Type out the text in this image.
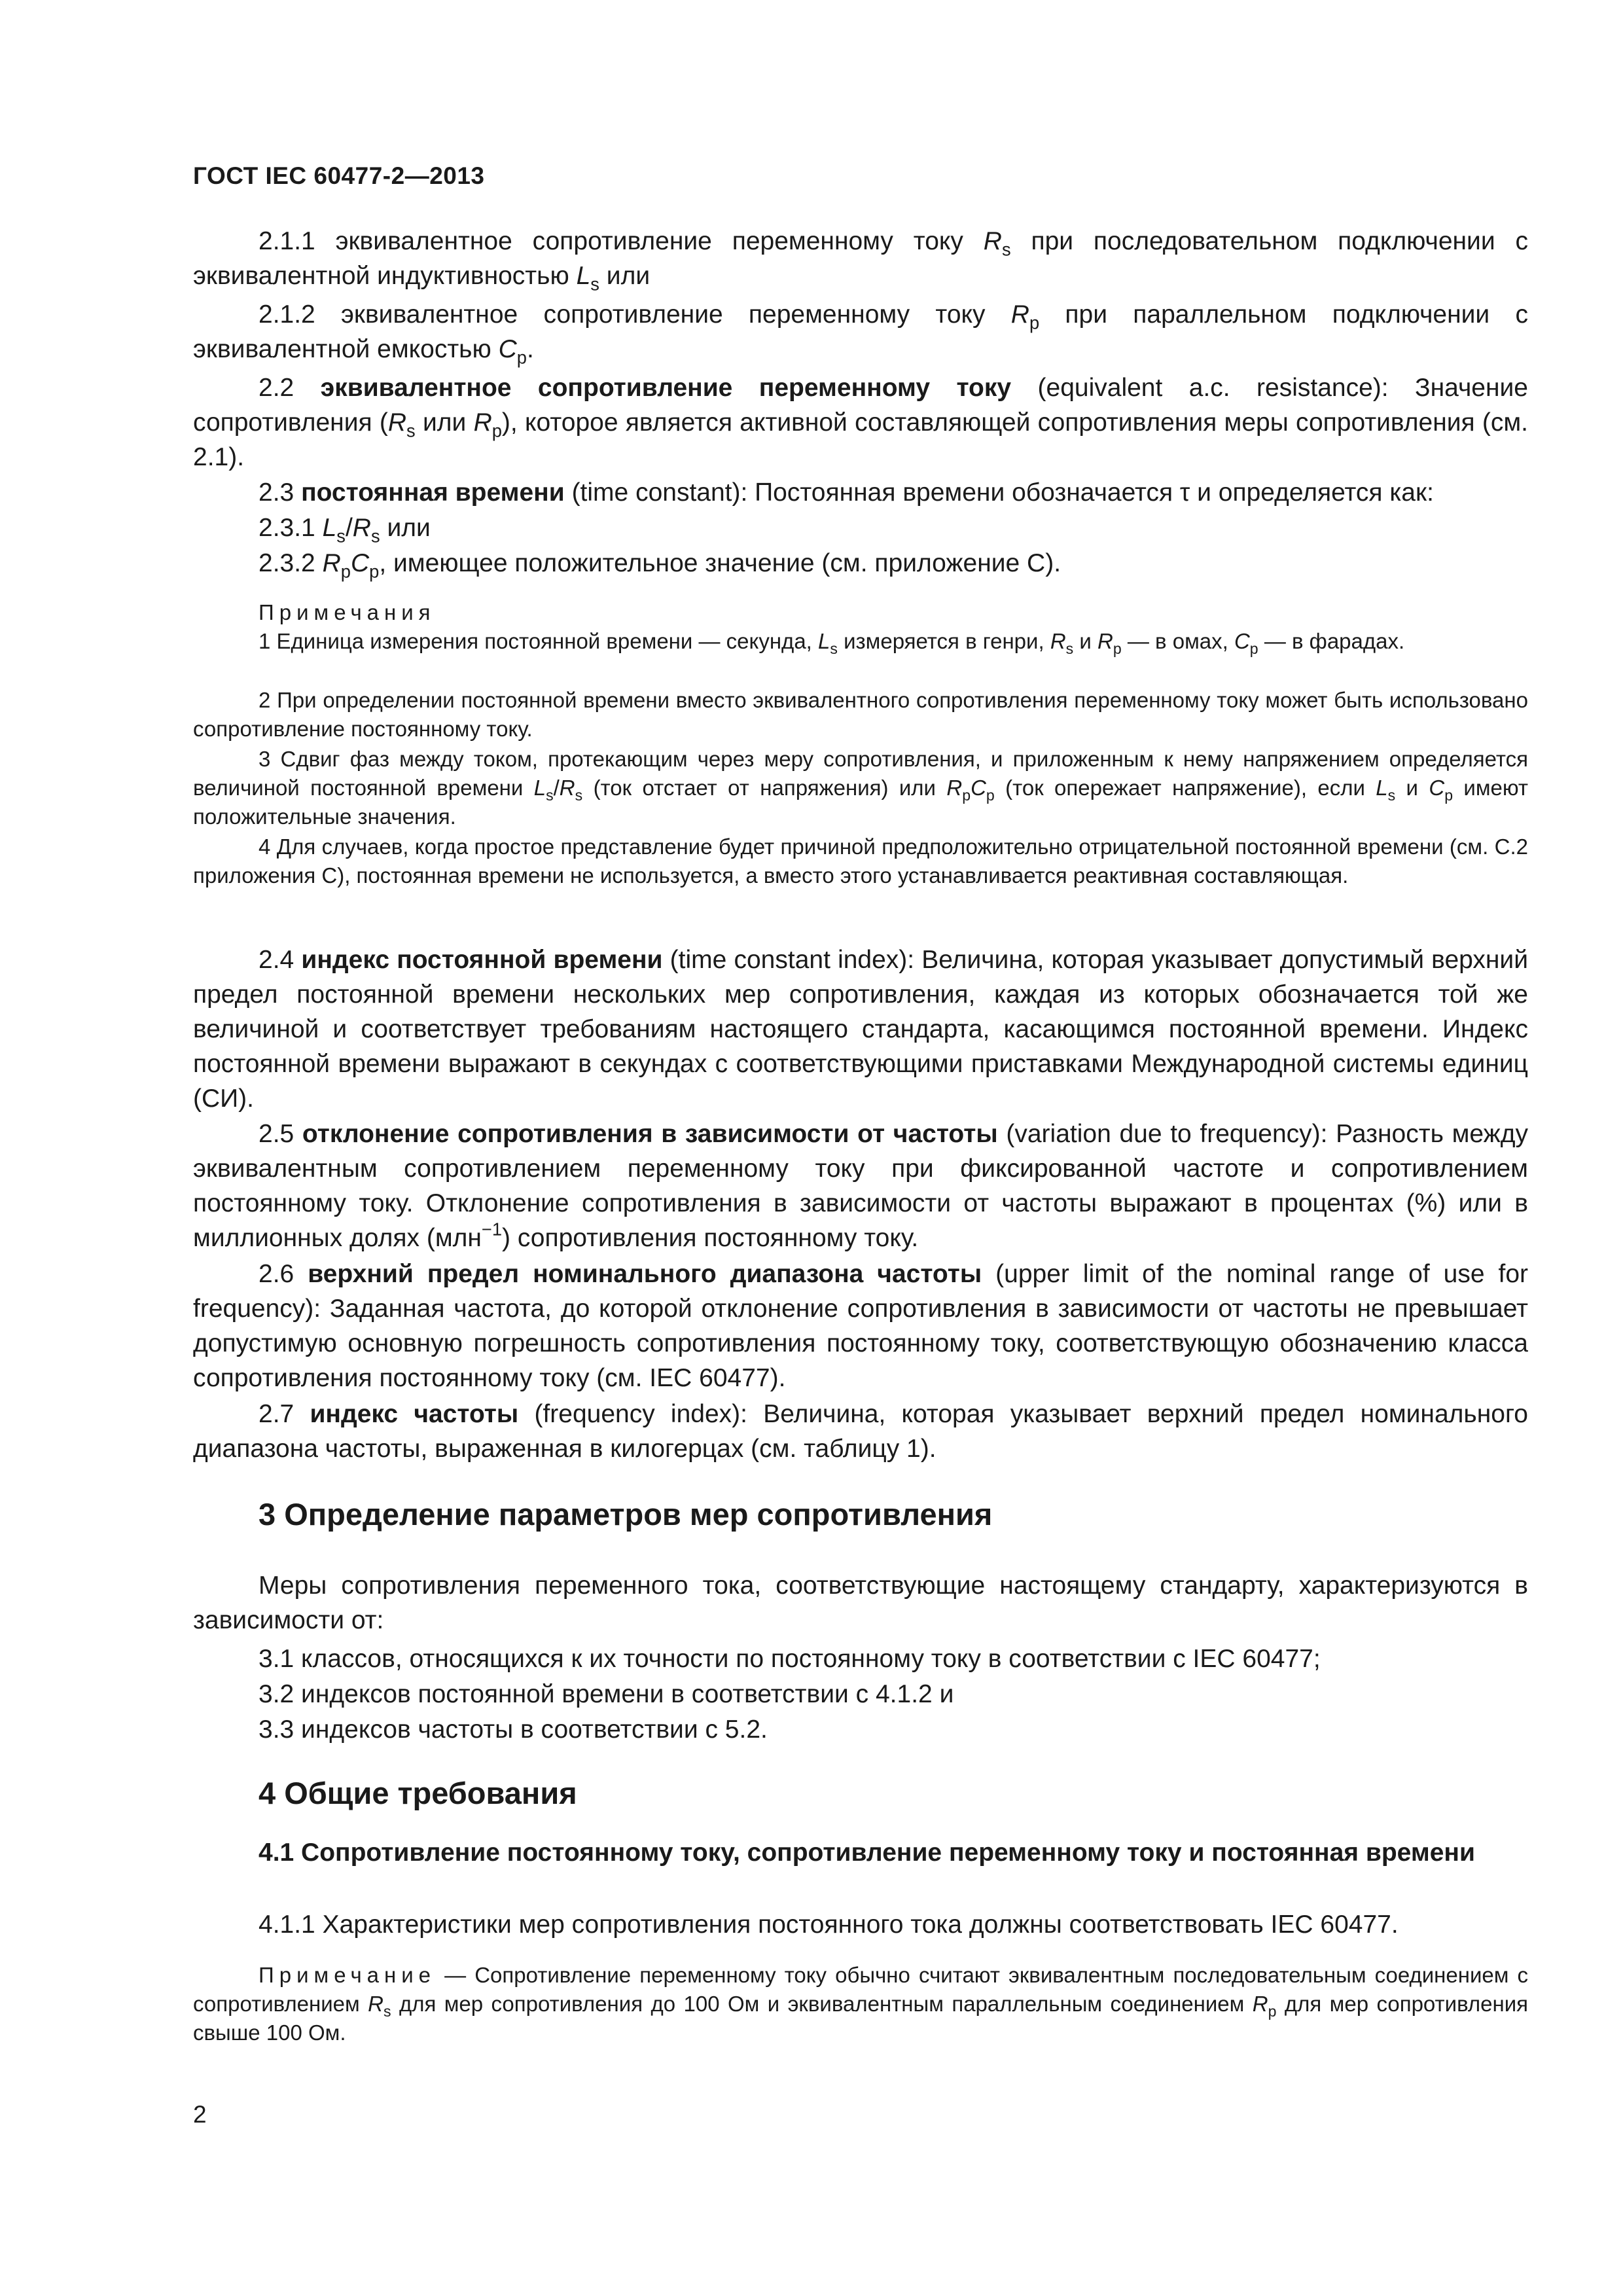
ГОСТ IEC 60477-2—2013
2.1.1 эквивалентное сопротивление переменному току $R_s$ при последовательном подключении с эквивалентной индуктивностью $L_s$ или
2.1.2 эквивалентное сопротивление переменному току $R_p$ при параллельном подключении с эквивалентной емкостью $C_p$.
2.2 эквивалентное сопротивление переменному току (equivalent a.c. resistance): Значение сопротивления ($R_s$ или $R_p$), которое является активной составляющей сопротивления меры сопротивления (см. 2.1).
2.3 постоянная времени (time constant): Постоянная времени обозначается τ и определяется как:
2.3.1 $L_s/R_s$ или
2.3.2 $R_pC_p$, имеющее положительное значение (см. приложение С).
Примечания
1 Единица измерения постоянной времени — секунда, $L_s$ измеряется в генри, $R_s$ и $R_p$ — в омах, $C_p$ — в фарадах.
2 При определении постоянной времени вместо эквивалентного сопротивления переменному току может быть использовано сопротивление постоянному току.
3 Сдвиг фаз между током, протекающим через меру сопротивления, и приложенным к нему напряжением определяется величиной постоянной времени $L_s/R_s$ (ток отстает от напряжения) или $R_pC_p$ (ток опережает напряжение), если $L_s$ и $C_p$ имеют положительные значения.
4 Для случаев, когда простое представление будет причиной предположительно отрицательной постоянной времени (см. С.2 приложения С), постоянная времени не используется, а вместо этого устанавливается реактивная составляющая.
2.4 индекс постоянной времени (time constant index): Величина, которая указывает допустимый верхний предел постоянной времени нескольких мер сопротивления, каждая из которых обозначается той же величиной и соответствует требованиям настоящего стандарта, касающимся постоянной времени. Индекс постоянной времени выражают в секундах с соответствующими приставками Международной системы единиц (СИ).
2.5 отклонение сопротивления в зависимости от частоты (variation due to frequency): Разность между эквивалентным сопротивлением переменному току при фиксированной частоте и сопротивлением постоянному току. Отклонение сопротивления в зависимости от частоты выражают в процентах (%) или в миллионных долях (млн$^{-1}$) сопротивления постоянному току.
2.6 верхний предел номинального диапазона частоты (upper limit of the nominal range of use for frequency): Заданная частота, до которой отклонение сопротивления в зависимости от частоты не превышает допустимую основную погрешность сопротивления постоянному току, соответствующую обозначению класса сопротивления постоянному току (см. IEC 60477).
2.7 индекс частоты (frequency index): Величина, которая указывает верхний предел номинального диапазона частоты, выраженная в килогерцах (см. таблицу 1).
3 Определение параметров мер сопротивления
Меры сопротивления переменного тока, соответствующие настоящему стандарту, характеризуются в зависимости от:
3.1 классов, относящихся к их точности по постоянному току в соответствии с IEC 60477;
3.2 индексов постоянной времени в соответствии с 4.1.2 и
3.3 индексов частоты в соответствии с 5.2.
4 Общие требования
4.1 Сопротивление постоянному току, сопротивление переменному току и постоянная времени
4.1.1 Характеристики мер сопротивления постоянного тока должны соответствовать IEC 60477.
Примечание — Сопротивление переменному току обычно считают эквивалентным последовательным соединением с сопротивлением $R_s$ для мер сопротивления до 100 Ом и эквивалентным параллельным соединением $R_p$ для мер сопротивления свыше 100 Ом.
2
